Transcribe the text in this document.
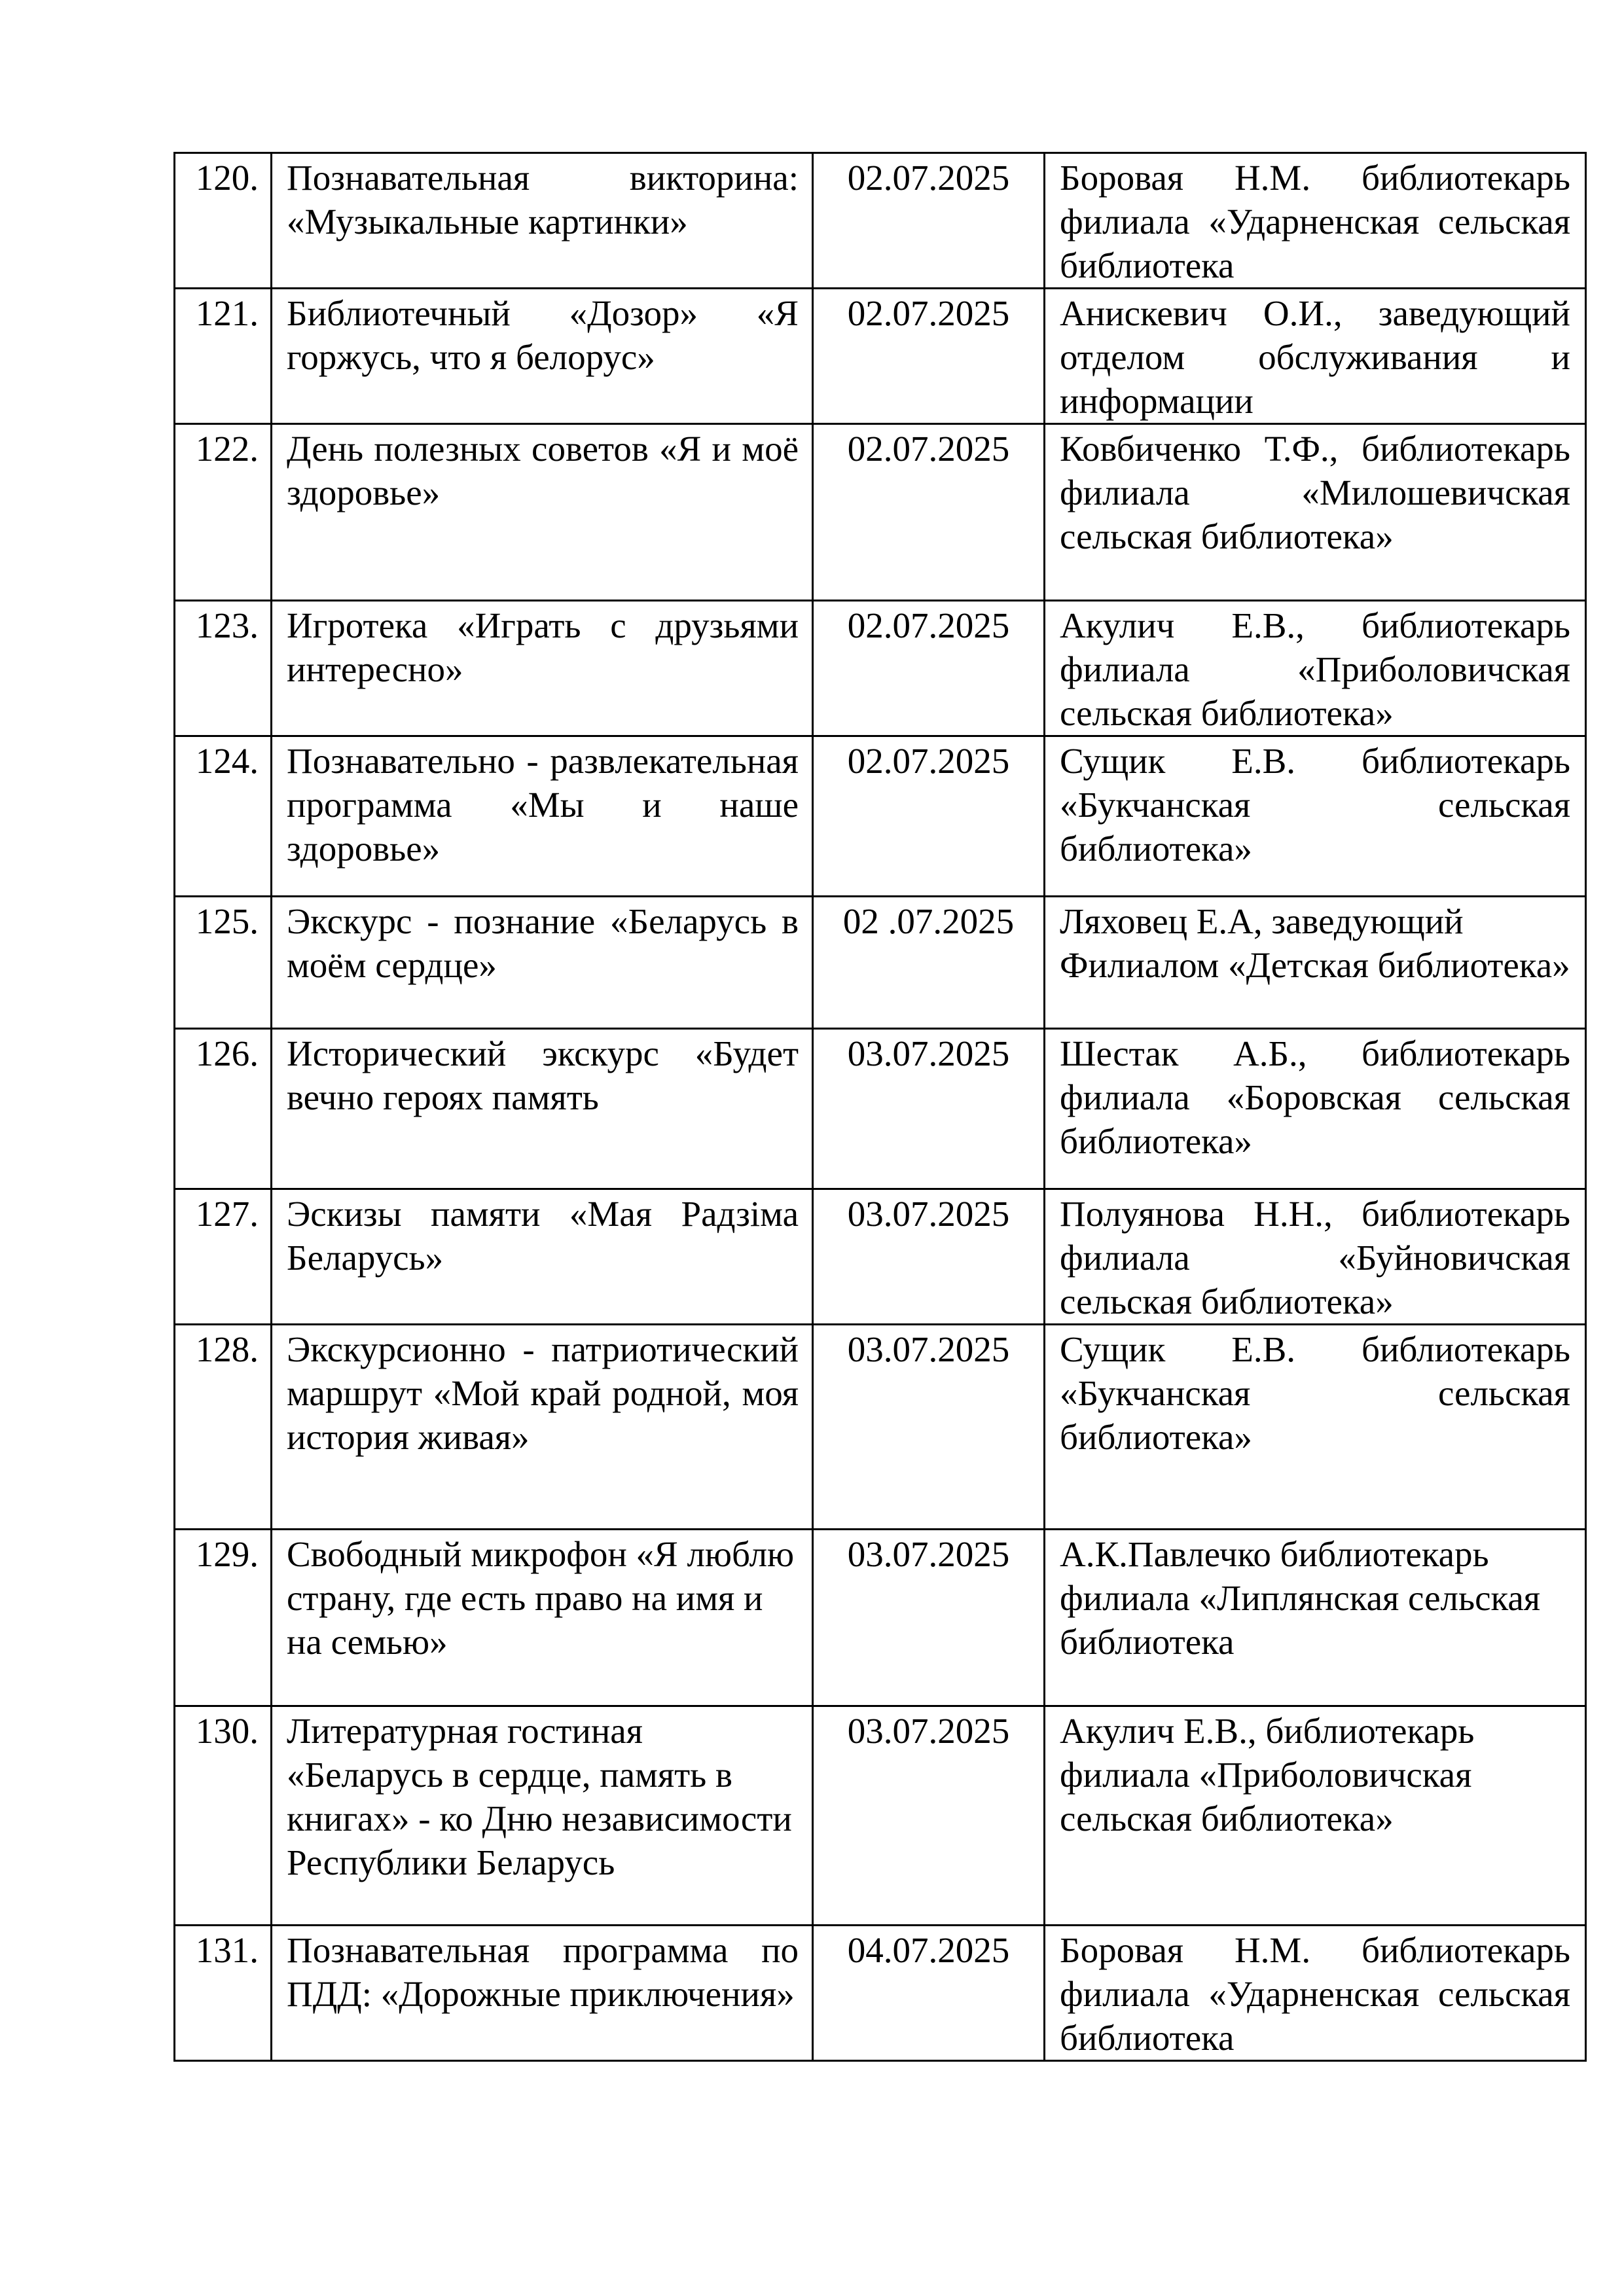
120.	Познавательная викторина: «Музыкальные картинки»	02.07.2025	Боровая Н.М. библиотекарь филиала «Ударненская сельская библиотека
121.	Библиотечный «Дозор» «Я горжусь, что я белорус»	02.07.2025	Анискевич О.И., заведующий отделом обслуживания и информации
122.	День полезных советов «Я и моё здоровье»	02.07.2025	Ковбиченко Т.Ф., библиотекарь филиала «Милошевичская сельская библиотека»
123.	Игротека «Играть с друзьями интересно»	02.07.2025	Акулич Е.В., библиотекарь филиала «Приболовичская сельская библиотека»
124.	Познавательно - развлекательная программа «Мы и наше здоровье»	02.07.2025	Сущик Е.В. библиотекарь «Букчанская сельская библиотека»
125.	Экскурс - познание «Беларусь в моём сердце»	02 .07.2025	Ляховец Е.А, заведующий Филиалом «Детская библиотека»
126.	Исторический экскурс «Будет вечно героях память	03.07.2025	Шестак А.Б., библиотекарь филиала «Боровская сельская библиотека»
127.	Эскизы памяти «Мая Радзіма Беларусь»	03.07.2025	Полуянова Н.Н., библиотекарь филиала «Буйновичская сельская библиотека»
128.	Экскурсионно - патриотический маршрут «Мой край родной, моя история живая»	03.07.2025	Сущик Е.В. библиотекарь «Букчанская сельская библиотека»
129.	Свободный микрофон «Я люблю страну, где есть право на имя и на семью»	03.07.2025	А.К.Павлечко библиотекарь филиала «Липлянская сельская библиотека
130.	Литературная гостиная «Беларусь в сердце, память в книгах» - ко Дню независимости Республики Беларусь	03.07.2025	Акулич Е.В., библиотекарь филиала «Приболовичская сельская библиотека»
131.	Познавательная программа по ПДД: «Дорожные приключения»	04.07.2025	Боровая Н.М. библиотекарь филиала «Ударненская сельская библиотека
